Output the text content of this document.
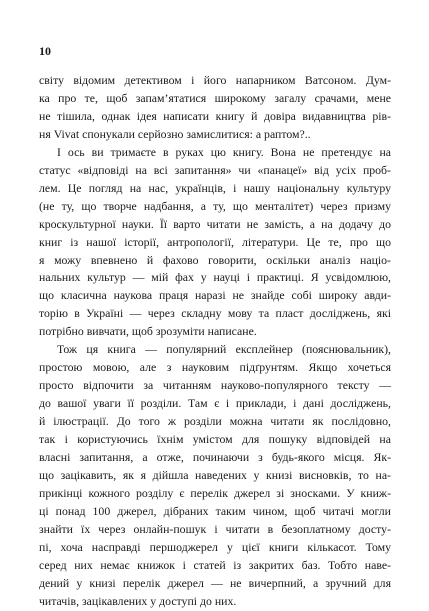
10

світу відомим детективом і його напарником Ватсоном. Дум-
ка про те, щоб запам’ятатися широкому загалу срачами, мене
не тішила, однак ідея написати книгу й довіра видавництва рів-
ня Vivat спонукали серйозно замислитися: а раптом?..

І ось ви тримаєте в руках цю книгу. Вона не претендує на
статус «відповіді на всі запитання» чи «панацеї» від усіх проб-
лем. Це погляд на нас, українців, і нашу національну культуру
(не ту, що творче надбання, а ту, що менталітет) через призму
крoскультурної науки. Її варто читати не замість, а на додачу до
книг із нашої історії, антропології, літератури. Це те, про що
я можу впевнено й фахово говорити, оскільки аналіз націо-
нальних культур — мій фах у науці і практиці. Я усвідомлюю,
що класична наукова праця наразі не знайде собі широку авди-
торію в Україні — через складну мову та пласт досліджень, які
потрібно вивчати, щоб зрозуміти написане.

Тож ця книга — популярний експлейнер (пояснювальник),
простою мовою, але з науковим підґрунтям. Якщо хочеться
просто відпочити за читанням науково-популярного тексту —
до вашої уваги її розділи. Там є і приклади, і дані досліджень,
й ілюстрації. До того ж розділи можна читати як послідовно,
так і користуючись їхнім умістом для пошуку відповідей на
власні запитання, а отже, починаючи з будь-якого місця. Як-
що зацікавить, як я дійшла наведених у книзі висновків, то на-
прикінці кожного розділу є перелік джерел зі зносками. У книж-
ці понад 100 джерел, дібраних таким чином, щоб читачі могли
знайти їх через онлайн-пошук і читати в безоплатному досту-
пі, хоча насправді першоджерел у цієї книги кількасот. Тому
серед них немає книжок і статей із закритих баз. Тобто наве-
дений у книзі перелік джерел — не вичерпний, а зручний для
читачів, зацікавлених у доступі до них.
